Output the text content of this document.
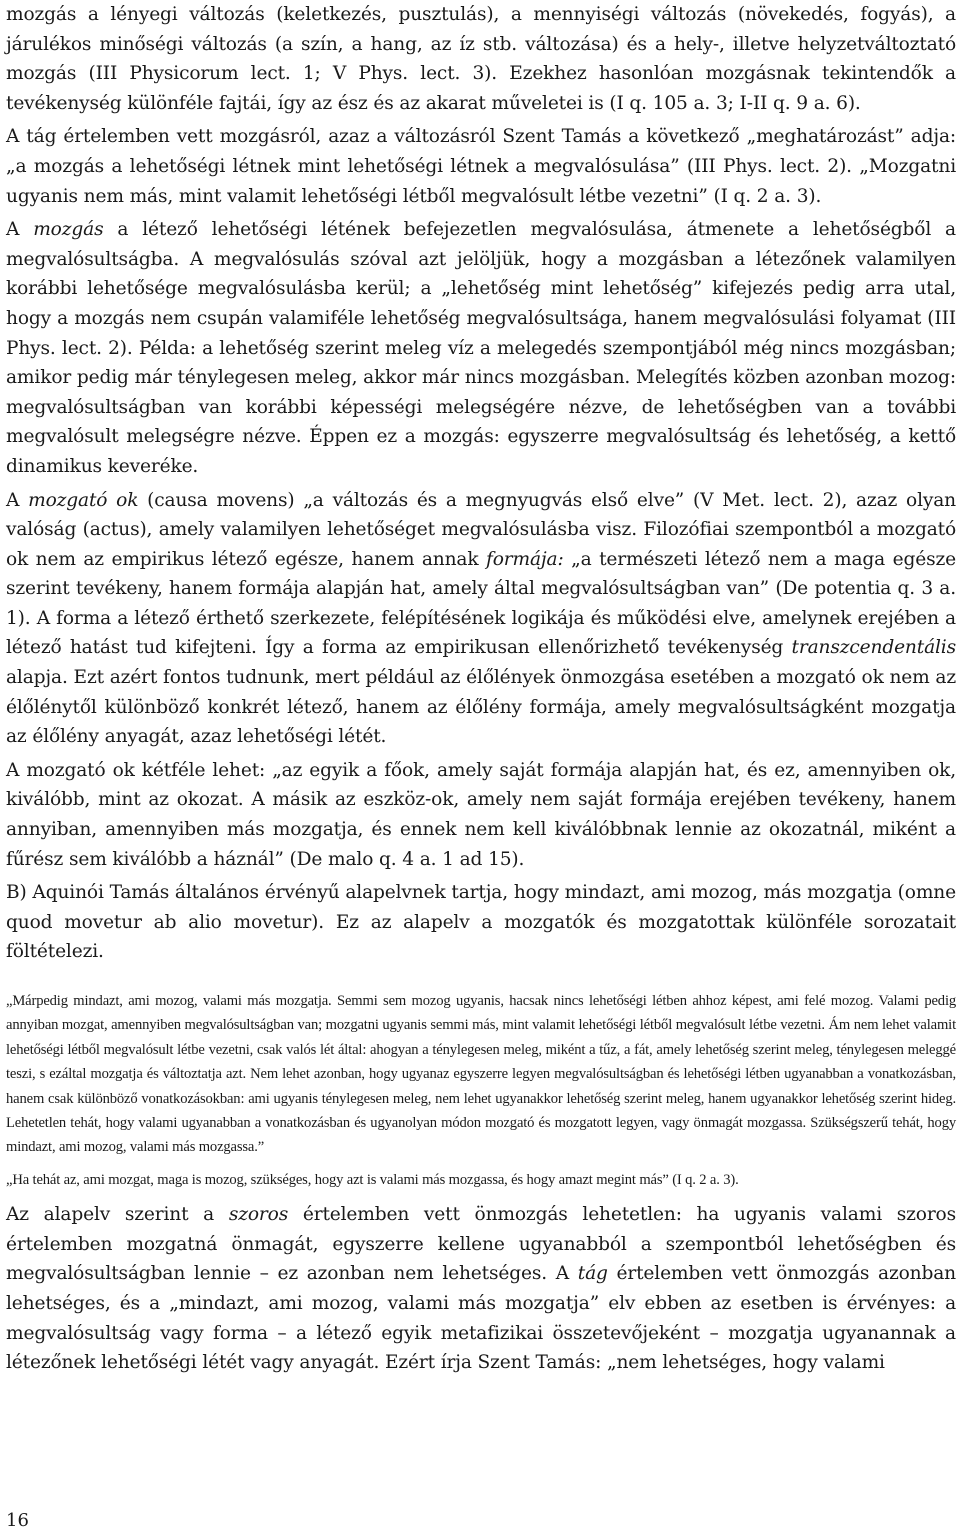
mozgás a lényegi változás (keletkezés, pusztulás), a mennyiségi változás (növekedés, fogyás), a járulékos minőségi változás (a szín, a hang, az íz stb. változása) és a hely-, illetve helyzetváltoztató mozgás (III Physicorum lect. 1; V Phys. lect. 3). Ezekhez hasonlóan mozgásnak tekintendők a tevékenység különféle fajtái, így az ész és az akarat műveletei is (I q. 105 a. 3; I-II q. 9 a. 6).

A tág értelemben vett mozgásról, azaz a változásról Szent Tamás a következő „meghatározást” adja: „a mozgás a lehetőségi létnek mint lehetőségi létnek a megvalósulása” (III Phys. lect. 2). „Mozgatni ugyanis nem más, mint valamit lehetőségi létből megvalósult létbe vezetni” (I q. 2 a. 3).

A mozgás a létező lehetőségi létének befejezetlen megvalósulása, átmenete a lehetőségből a megvalósultságba. A megvalósulás szóval azt jelöljük, hogy a mozgásban a létezőnek valamilyen korábbi lehetősége megvalósulásba kerül; a „lehetőség mint lehetőség” kifejezés pedig arra utal, hogy a mozgás nem csupán valamiféle lehetőség megvalósultsága, hanem megvalósulási folyamat (III Phys. lect. 2). Példa: a lehetőség szerint meleg víz a melegedés szempontjából még nincs mozgásban; amikor pedig már ténylegesen meleg, akkor már nincs mozgásban. Melegítés közben azonban mozog: megvalósultságban van korábbi képességi melegségére nézve, de lehetőségben van a további megvalósult melegségre nézve. Éppen ez a mozgás: egyszerre megvalósultság és lehetőség, a kettő dinamikus keveréke.

A mozgató ok (causa movens) „a változás és a megnyugvás első elve” (V Met. lect. 2), azaz olyan valóság (actus), amely valamilyen lehetőséget megvalósulásba visz. Filozófiai szempontból a mozgató ok nem az empirikus létező egésze, hanem annak formája: „a természeti létező nem a maga egésze szerint tevékeny, hanem formája alapján hat, amely által megvalósultságban van” (De potentia q. 3 a. 1). A forma a létező érthető szerkezete, felépítésének logikája és működési elve, amelynek erejében a létező hatást tud kifejteni. Így a forma az empirikusan ellenőrizhető tevékenység transzcendentális alapja. Ezt azért fontos tudnunk, mert például az élőlények önmozgása esetében a mozgató ok nem az élőlénytől különböző konkrét létező, hanem az élőlény formája, amely megvalósultságként mozgatja az élőlény anyagát, azaz lehetőségi létét.

A mozgató ok kétféle lehet: „az egyik a főok, amely saját formája alapján hat, és ez, amennyiben ok, kiválóbb, mint az okozat. A másik az eszköz-ok, amely nem saját formája erejében tevékeny, hanem annyiban, amennyiben más mozgatja, és ennek nem kell kiválóbbnak lennie az okozatnál, miként a fűrész sem kiválóbb a háznál” (De malo q. 4 a. 1 ad 15).

B) Aquinói Tamás általános érvényű alapelvnek tartja, hogy mindazt, ami mozog, más mozgatja (omne quod movetur ab alio movetur). Ez az alapelv a mozgatók és mozgatottak különféle sorozatait föltételezi.

„Márpedig mindazt, ami mozog, valami más mozgatja. Semmi sem mozog ugyanis, hacsak nincs lehetőségi létben ahhoz képest, ami felé mozog. Valami pedig annyiban mozgat, amennyiben megvalósultságban van; mozgatni ugyanis semmi más, mint valamit lehetőségi létből megvalósult létbe vezetni. Ám nem lehet valamit lehetőségi létből megvalósult létbe vezetni, csak valós lét által: ahogyan a ténylegesen meleg, miként a tűz, a fát, amely lehetőség szerint meleg, ténylegesen meleggé teszi, s ezáltal mozgatja és változtatja azt. Nem lehet azonban, hogy ugyanaz egyszerre legyen megvalósultságban és lehetőségi létben ugyanabban a vonatkozásban, hanem csak különböző vonatkozásokban: ami ugyanis ténylegesen meleg, nem lehet ugyanakkor lehetőség szerint meleg, hanem ugyanakkor lehetőség szerint hideg. Lehetetlen tehát, hogy valami ugyanabban a vonatkozásban és ugyanolyan módon mozgató és mozgatott legyen, vagy önmagát mozgassa. Szükségszerű tehát, hogy mindazt, ami mozog, valami más mozgassa.”

„Ha tehát az, ami mozgat, maga is mozog, szükséges, hogy azt is valami más mozgassa, és hogy amazt megint más” (I q. 2 a. 3).

Az alapelv szerint a szoros értelemben vett önmozgás lehetetlen: ha ugyanis valami szoros értelemben mozgatná önmagát, egyszerre kellene ugyanabból a szempontból lehetőségben és megvalósultságban lennie – ez azonban nem lehetséges. A tág értelemben vett önmozgás azonban lehetséges, és a „mindazt, ami mozog, valami más mozgatja” elv ebben az esetben is érvényes: a megvalósultság vagy forma – a létező egyik metafizikai összetevőjeként – mozgatja ugyanannak a létezőnek lehetőségi létét vagy anyagát. Ezért írja Szent Tamás: „nem lehetséges, hogy valami

16
